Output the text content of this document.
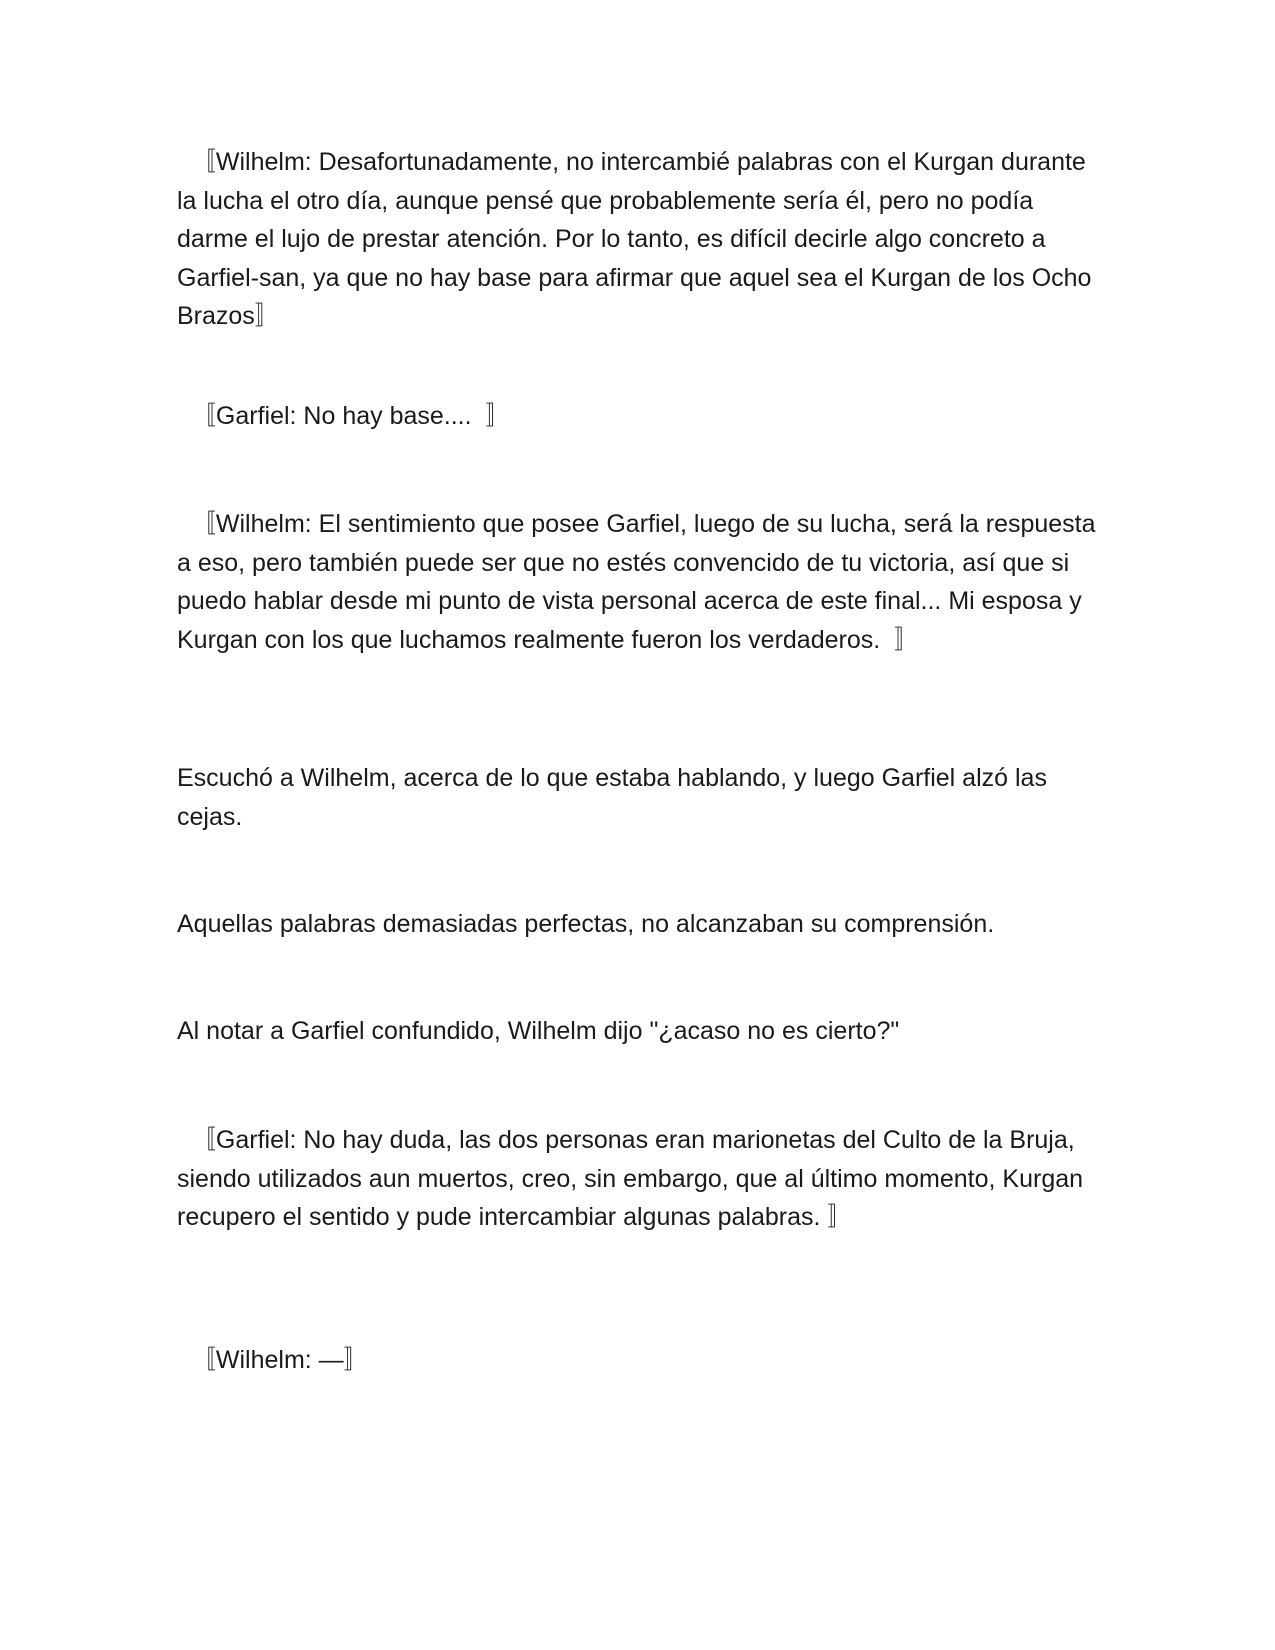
〚Wilhelm: Desafortunadamente, no intercambié palabras con el Kurgan durante la lucha el otro día, aunque pensé que probablemente sería él, pero no podía darme el lujo de prestar atención. Por lo tanto, es difícil decirle algo concreto a Garfiel-san, ya que no hay base para afirmar que aquel sea el Kurgan de los Ocho Brazos〛

〚Garfiel: No hay base....  〛

〚Wilhelm: El sentimiento que posee Garfiel, luego de su lucha, será la respuesta a eso, pero también puede ser que no estés convencido de tu victoria, así que si puedo hablar desde mi punto de vista personal acerca de este final... Mi esposa y Kurgan con los que luchamos realmente fueron los verdaderos.  〛

Escuchó a Wilhelm, acerca de lo que estaba hablando, y luego Garfiel alzó las cejas.

Aquellas palabras demasiadas perfectas, no alcanzaban su comprensión.

Al notar a Garfiel confundido, Wilhelm dijo "¿acaso no es cierto?"

〚Garfiel: No hay duda, las dos personas eran marionetas del Culto de la Bruja, siendo utilizados aun muertos, creo, sin embargo, que al último momento, Kurgan recupero el sentido y pude intercambiar algunas palabras. 〛

〚Wilhelm: —〛
